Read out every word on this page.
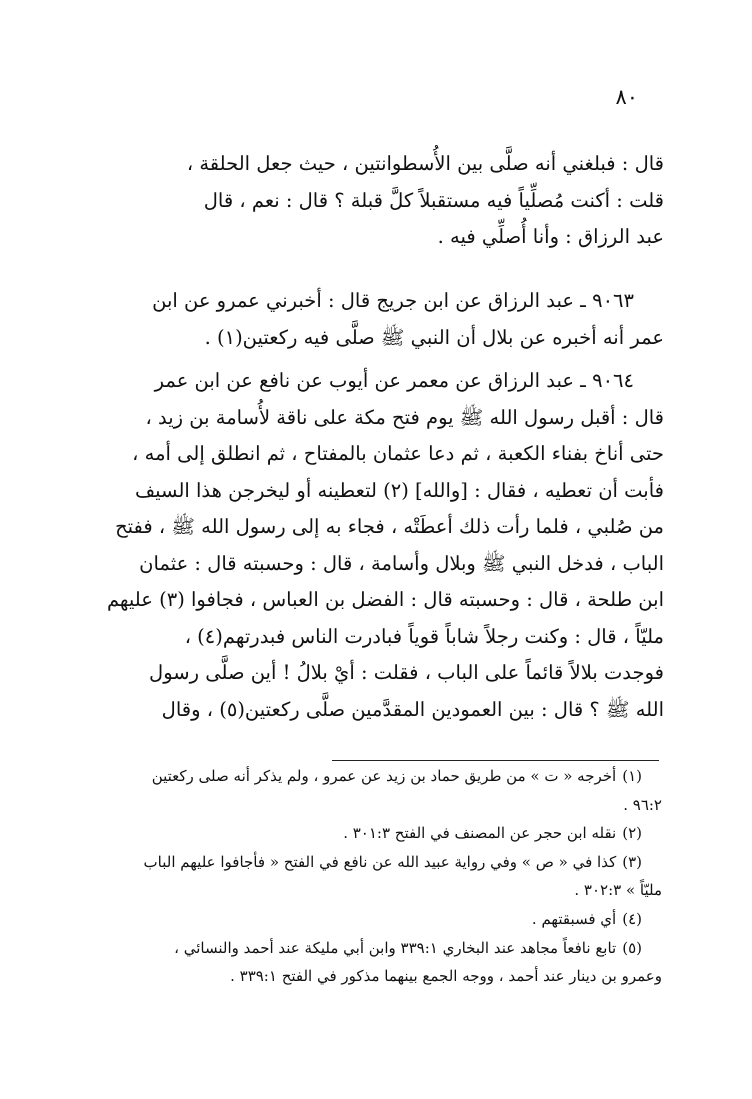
٨٠

قال : فبلغني أنه صلَّى بين الأُسطوانتين ، حيث جعل الحلقة ،

قلت : أكنت مُصلِّياً فيه مستقبلاً كلَّ قبلة ؟ قال : نعم ، قال

عبد الرزاق : وأنا أُصلِّي فيه .

٩٠٦٣ ـ عبد الرزاق عن ابن جريج قال : أخبرني عمرو عن ابن

عمر أنه أخبره عن بلال أن النبي ﷺ صلَّى فيه ركعتين(١) .

٩٠٦٤ ـ عبد الرزاق عن معمر عن أيوب عن نافع عن ابن عمر

قال : أقبل رسول الله ﷺ يوم فتح مكة على ناقة لأُسامة بن زيد ،

حتى أناخ بفناء الكعبة ، ثم دعا عثمان بالمفتاح ، ثم انطلق إلى أمه ،

فأبت أن تعطيه ، فقال : [والله] (٢) لتعطينه أو ليخرجن هذا السيف

من صُلبي ، فلما رأت ذلك أعطَتْه ، فجاء به إلى رسول الله ﷺ ، ففتح

الباب ، فدخل النبي ﷺ وبلال وأسامة ، قال : وحسبته قال : عثمان

ابن طلحة ، قال : وحسبته قال : الفضل بن العباس ، فجافوا (٣) عليهم

مليّاً ، قال : وكنت رجلاً شاباً قوياً فبادرت الناس فبدرتهم(٤) ،

فوجدت بلالاً قائماً على الباب ، فقلت : أيْ بلالُ ! أين صلَّى رسول

الله ﷺ ؟ قال : بين العمودين المقدَّمين صلَّى ركعتين(٥) ، وقال

(١)أخرجه « ت » من طريق حماد بن زيد عن عمرو ، ولم يذكر أنه صلى ركعتين

٩٦:٢ .

(٢)نقله ابن حجر عن المصنف في الفتح ٣٠١:٣ .

(٣)كذا في « ص » وفي رواية عبيد الله عن نافع في الفتح « فأجافوا عليهم الباب

مليّاً » ٣٠٢:٣ .

(٤)أي فسبقتهم .

(٥)تابع نافعاً مجاهد عند البخاري ٣٣٩:١ وابن أبي مليكة عند أحمد والنسائي ،

وعمرو بن دينار عند أحمد ، ووجه الجمع بينهما مذكور في الفتح ٣٣٩:١ .
